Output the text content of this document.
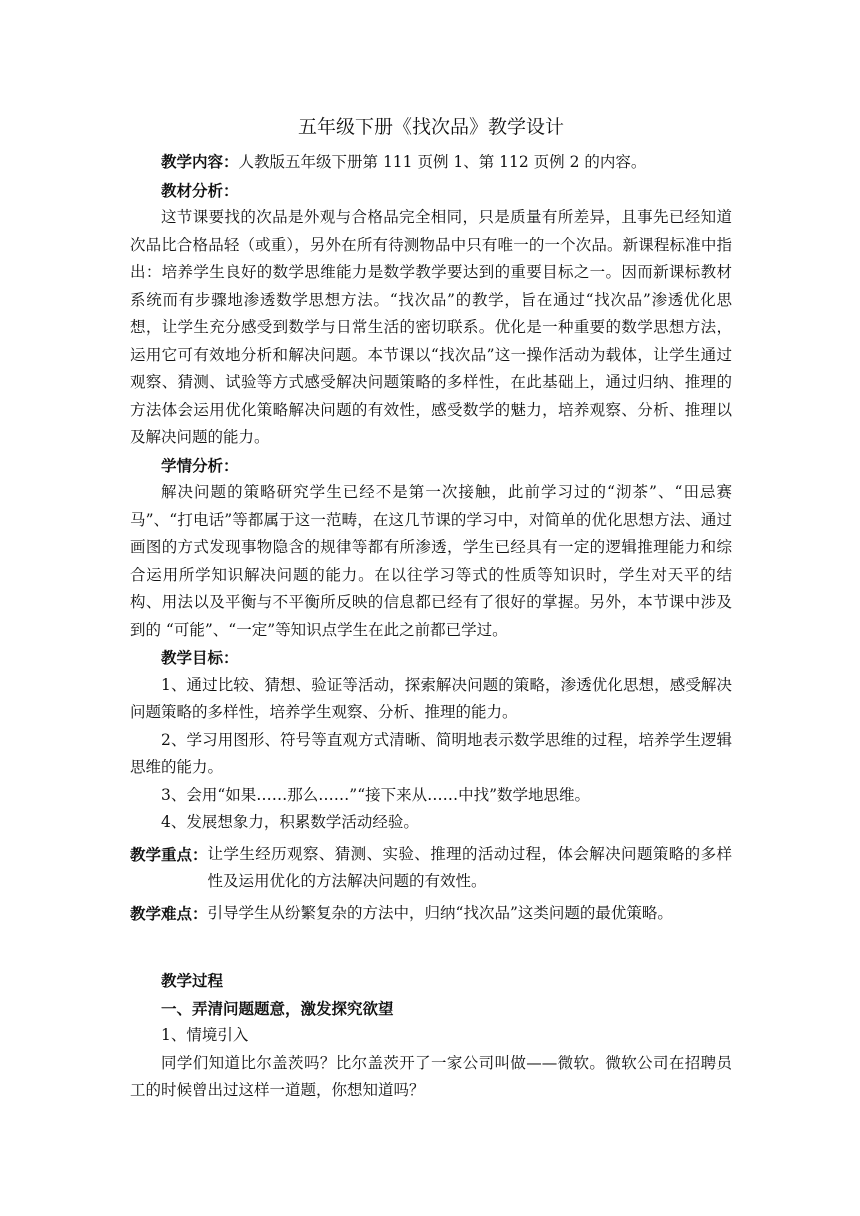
五年级下册《找次品》教学设计

教学内容：人教版五年级下册第 111 页例 1、第 112 页例 2 的内容。

教材分析：

这节课要找的次品是外观与合格品完全相同，只是质量有所差异，且事先已经知道次品比合格品轻（或重），另外在所有待测物品中只有唯一的一个次品。新课程标准中指出：培养学生良好的数学思维能力是数学教学要达到的重要目标之一。因而新课标教材系统而有步骤地渗透数学思想方法。“找次品”的教学，旨在通过“找次品”渗透优化思想，让学生充分感受到数学与日常生活的密切联系。优化是一种重要的数学思想方法，运用它可有效地分析和解决问题。本节课以“找次品”这一操作活动为载体，让学生通过观察、猜测、试验等方式感受解决问题策略的多样性，在此基础上，通过归纳、推理的方法体会运用优化策略解决问题的有效性，感受数学的魅力，培养观察、分析、推理以及解决问题的能力。

学情分析：

解决问题的策略研究学生已经不是第一次接触，此前学习过的“沏茶”、“田忌赛马”、“打电话”等都属于这一范畴，在这几节课的学习中，对简单的优化思想方法、通过画图的方式发现事物隐含的规律等都有所渗透，学生已经具有一定的逻辑推理能力和综合运用所学知识解决问题的能力。在以往学习等式的性质等知识时，学生对天平的结构、用法以及平衡与不平衡所反映的信息都已经有了很好的掌握。另外，本节课中涉及到的 “可能”、“一定”等知识点学生在此之前都已学过。

教学目标：

1、通过比较、猜想、验证等活动，探索解决问题的策略，渗透优化思想，感受解决问题策略的多样性，培养学生观察、分析、推理的能力。

2、学习用图形、符号等直观方式清晰、简明地表示数学思维的过程，培养学生逻辑思维的能力。

3、会用“如果……那么……”“接下来从……中找”数学地思维。

4、发展想象力，积累数学活动经验。

教学重点： 让学生经历观察、猜测、实验、推理的活动过程，体会解决问题策略的多样性及运用优化的方法解决问题的有效性。

教学难点： 引导学生从纷繁复杂的方法中，归纳“找次品”这类问题的最优策略。

教学过程

一、弄清问题题意，激发探究欲望

1、情境引入

同学们知道比尔盖茨吗？比尔盖茨开了一家公司叫做——微软。微软公司在招聘员工的时候曾出过这样一道题，你想知道吗？
